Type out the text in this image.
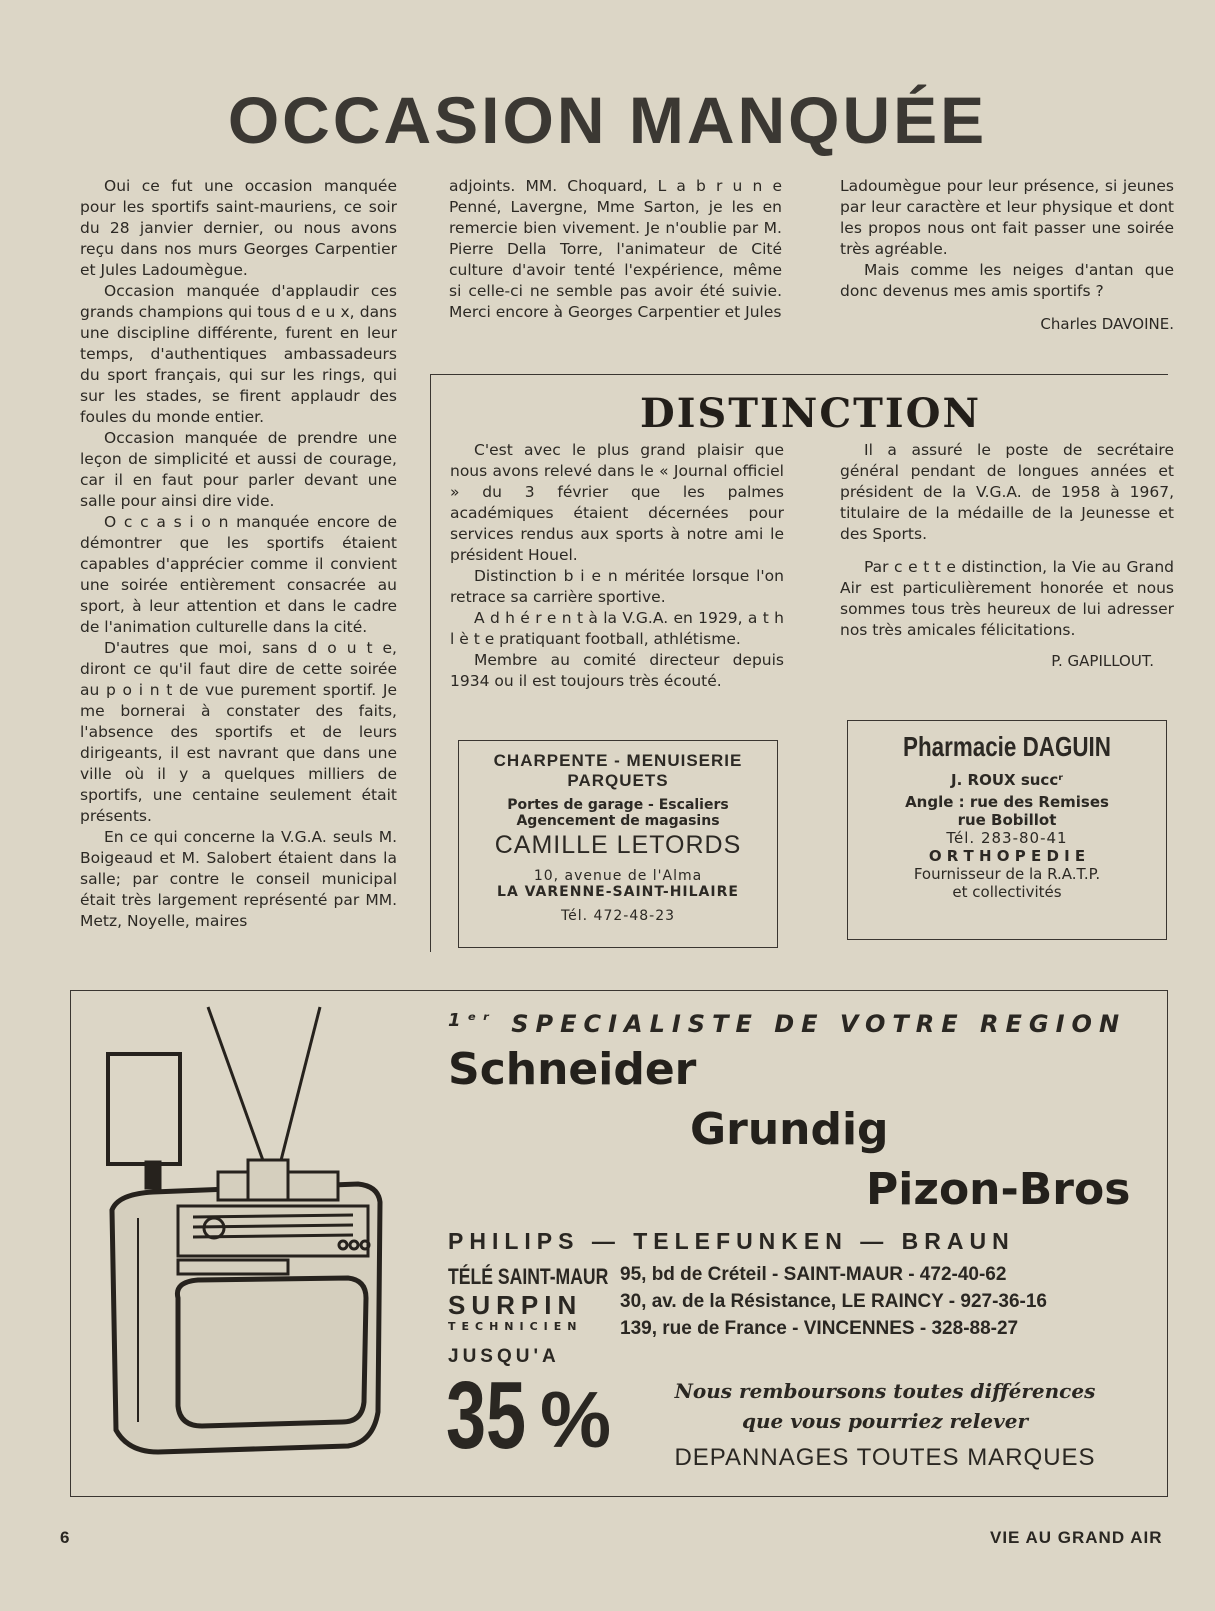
OCCASION MANQUÉE

Oui ce fut une occasion manquée pour les sportifs saint-mauriens, ce soir du 28 janvier dernier, ou nous avons reçu dans nos murs Georges Carpentier et Jules Ladoumègue.

Occasion manquée d'applaudir ces grands champions qui tous d e u x, dans une discipline différente, furent en leur temps, d'authentiques ambassadeurs du sport français, qui sur les rings, qui sur les stades, se firent applaudr des foules du monde entier.

Occasion manquée de prendre une leçon de simplicité et aussi de courage, car il en faut pour parler devant une salle pour ainsi dire vide.

O c c a s i o n manquée encore de démontrer que les sportifs étaient capables d'apprécier comme il convient une soirée entièrement consacrée au sport, à leur attention et dans le cadre de l'animation culturelle dans la cité.

D'autres que moi, sans d o u t e, diront ce qu'il faut dire de cette soirée au p o i n t de vue purement sportif. Je me bornerai à constater des faits, l'absence des sportifs et de leurs dirigeants, il est navrant que dans une ville où il y a quelques milliers de sportifs, une centaine seulement était présents.

En ce qui concerne la V.G.A. seuls M. Boigeaud et M. Salobert étaient dans la salle; par contre le conseil municipal était très largement représenté par MM. Metz, Noyelle, maires

adjoints. MM. Choquard, L a b r u n e Penné, Lavergne, Mme Sarton, je les en remercie bien vivement. Je n'oublie par M. Pierre Della Torre, l'animateur de Cité culture d'avoir tenté l'expérience, même si celle-ci ne semble pas avoir été suivie. Merci encore à Georges Carpentier et Jules

Ladoumègue pour leur présence, si jeunes par leur caractère et leur physique et dont les propos nous ont fait passer une soirée très agréable.

Mais comme les neiges d'antan que donc devenus mes amis sportifs ?

Charles DAVOINE.

DISTINCTION

C'est avec le plus grand plaisir que nous avons relevé dans le « Journal officiel » du 3 février que les palmes académiques étaient décernées pour services rendus aux sports à notre ami le président Houel.

Distinction b i e n méritée lorsque l'on retrace sa carrière sportive.

A d h é r e n t à la V.G.A. en 1929, a t h l è t e pratiquant football, athlétisme.

Membre au comité directeur depuis 1934 ou il est toujours très écouté.

Il a assuré le poste de secrétaire général pendant de longues années et président de la V.G.A. de 1958 à 1967, titulaire de la médaille de la Jeunesse et des Sports.

Par c e t t e distinction, la Vie au Grand Air est particulièrement honorée et nous sommes tous très heureux de lui adresser nos très amicales félicitations.

P. GAPILLOUT.

CHARPENTE - MENUISERIE
PARQUETS
Portes de garage - Escaliers
Agencement de magasins
CAMILLE LETORDS
10, avenue de l'Alma
LA VARENNE-SAINT-HILAIRE
Tél. 472-48-23
Pharmacie DAGUIN
J. ROUX succʳ
Angle : rue des Remises
rue Bobillot
Tél. 283-80-41
O R T H O P E D I E
Fournisseur de la R.A.T.P.
et collectivités
$^{1ᵉʳ}$ SPECIALISTE DE VOTRE REGION
Schneider
Grundig
Pizon-Bros
PHILIPS — TELEFUNKEN — BRAUN
TÉLÉ SAINT-MAUR
SURPIN
TECHNICIEN
95, bd de Créteil - SAINT-MAUR - 472-40-62
30, av. de la Résistance, LE RAINCY - 927-36-16
139, rue de France - VINCENNES - 328-88-27
JUSQU'A
35 %	Nous remboursons toutes différences
que vous pourriez relever
DEPANNAGES TOUTES MARQUES
6	VIE AU GRAND AIR
